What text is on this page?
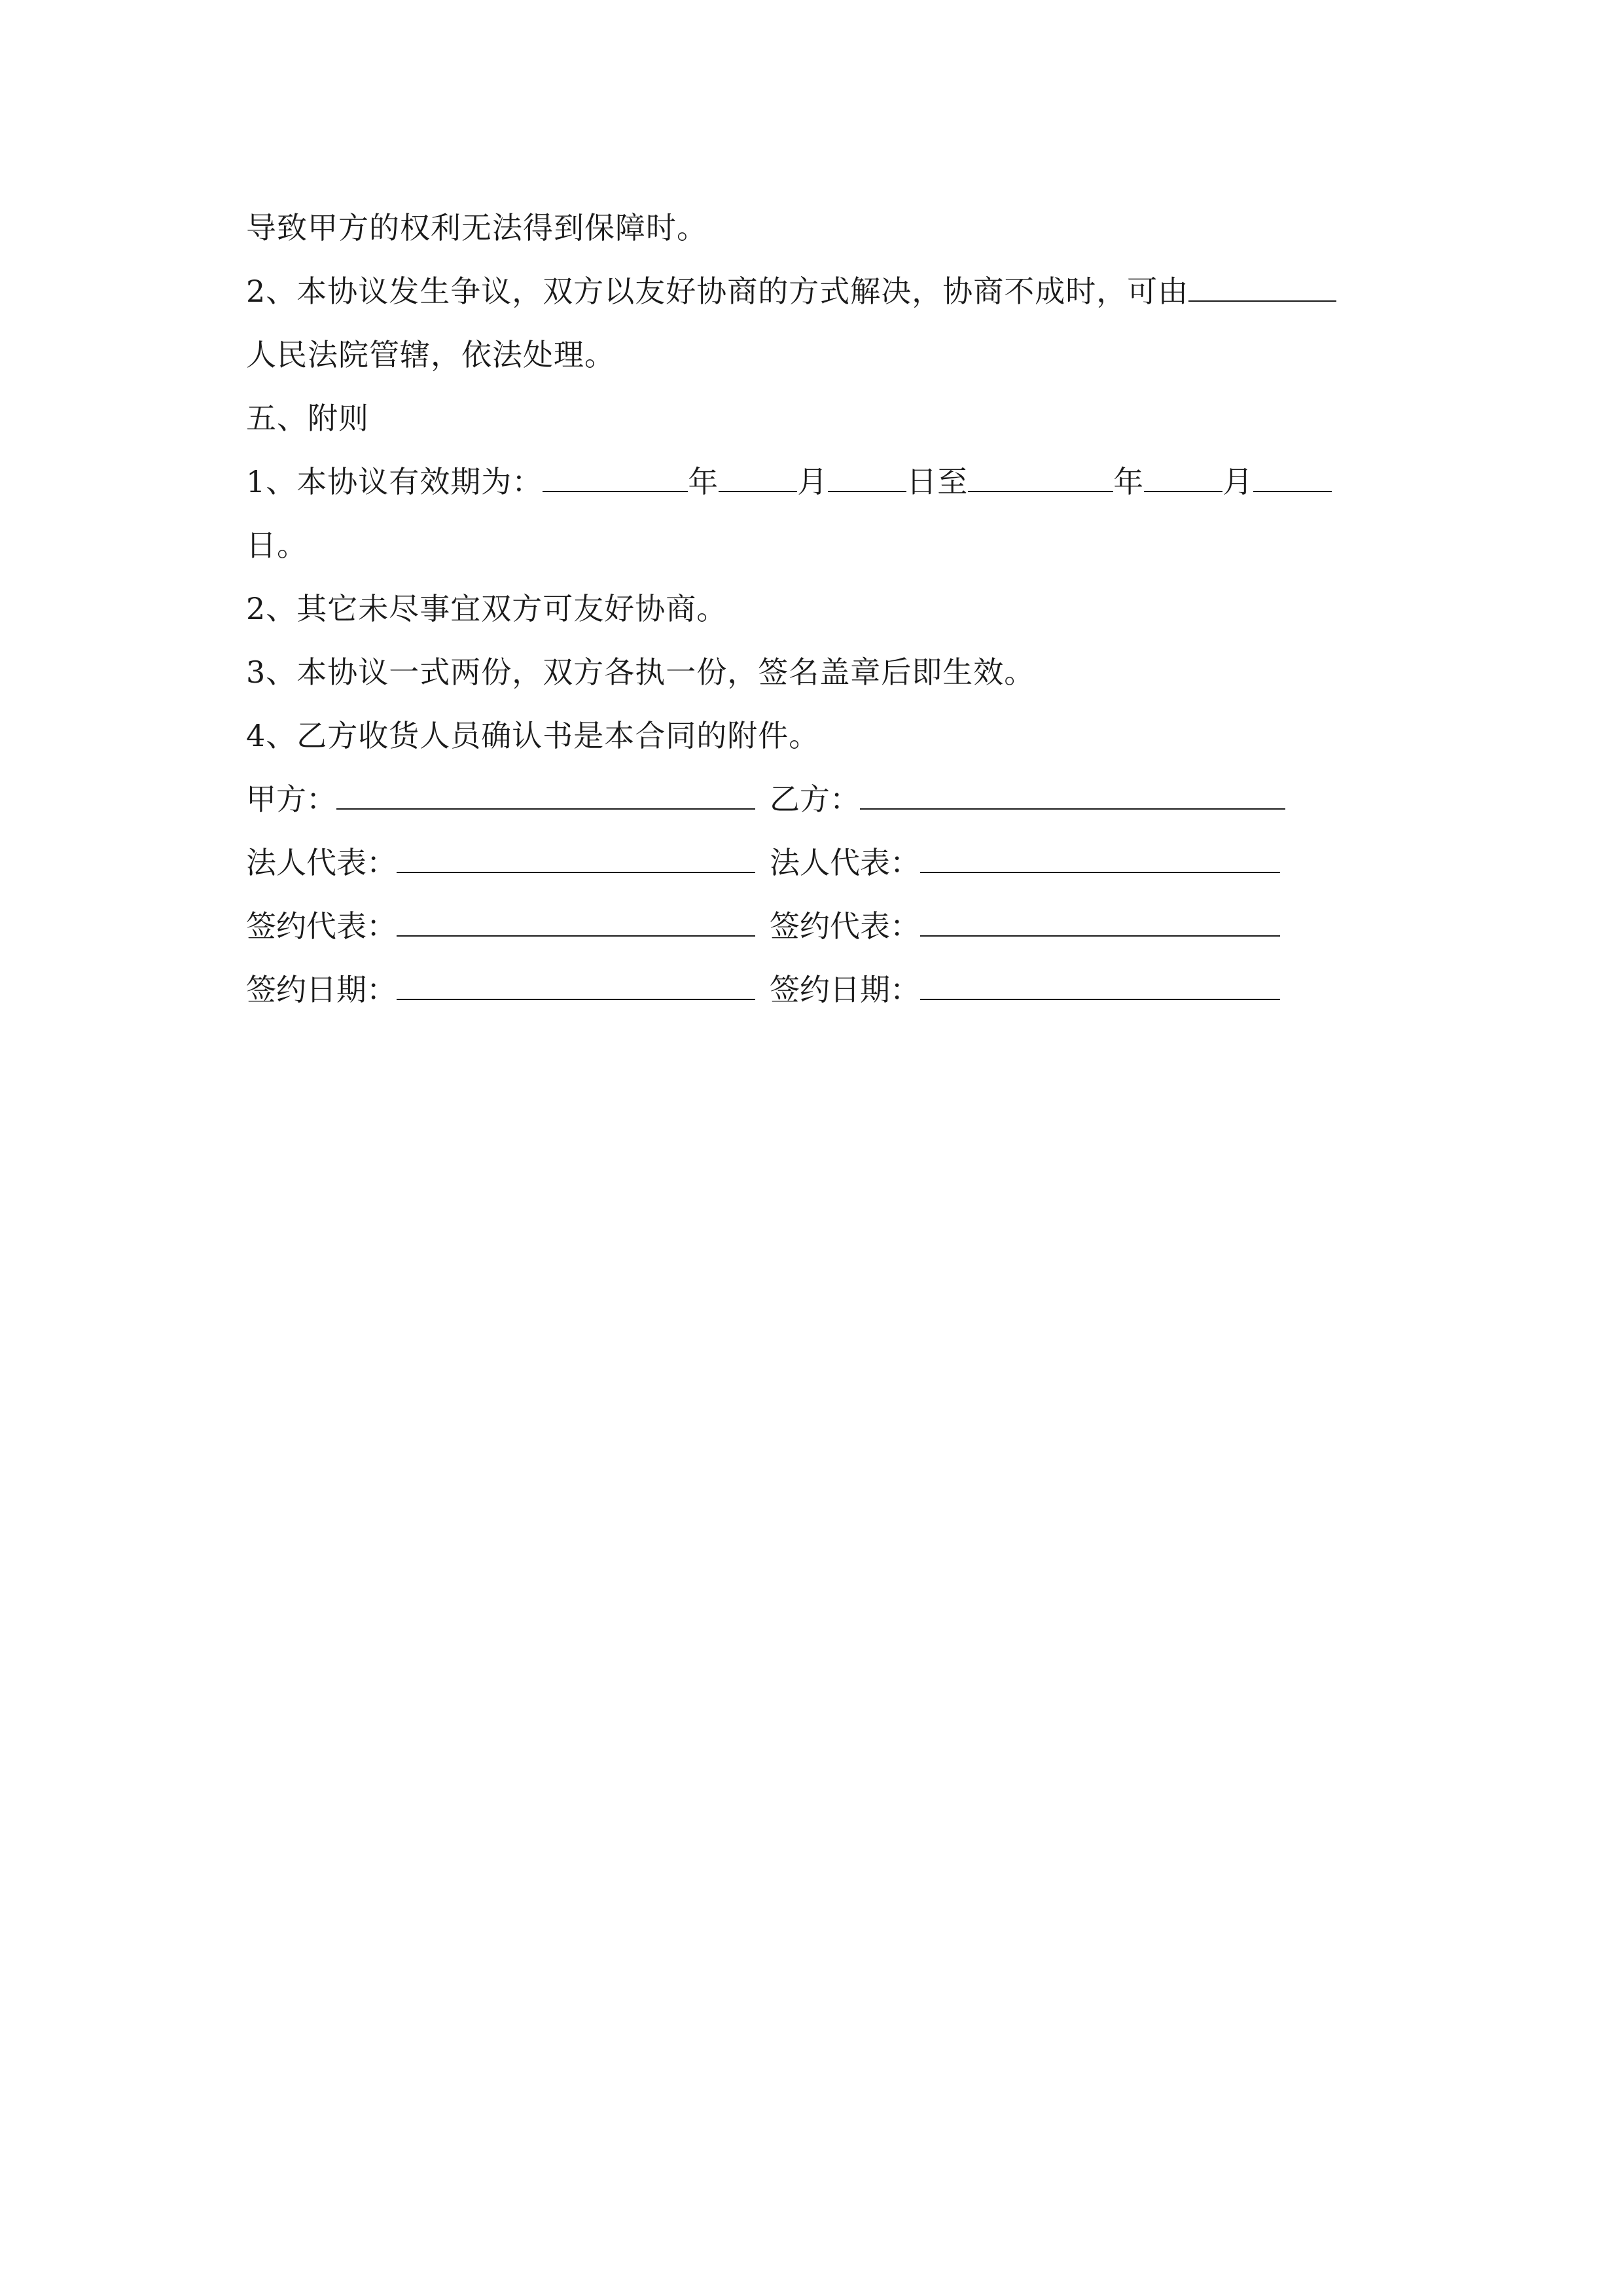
导致甲方的权利无法得到保障时。
2、本协议发生争议，双方以友好协商的方式解决，协商不成时，可由
人民法院管辖，依法处理。
五、附则
1、本协议有效期为：	年	月	日至	年	月
日。
2、其它未尽事宜双方可友好协商。
3、本协议一式两份，双方各执一份，签名盖章后即生效。
4、乙方收货人员确认书是本合同的附件。
甲方：	乙方：
法人代表：	法人代表：
签约代表：	签约代表：
签约日期：	签约日期：
